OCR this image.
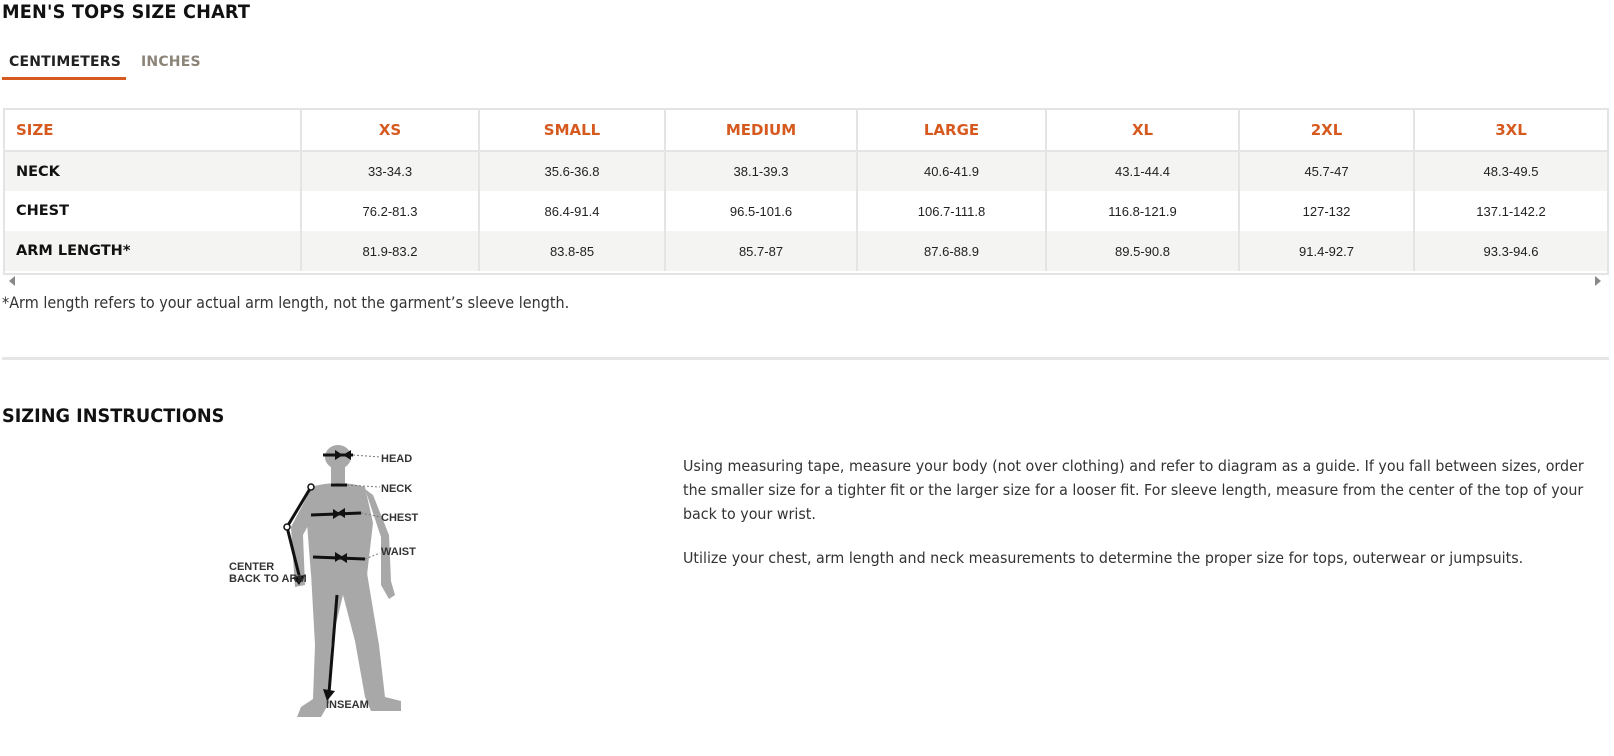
MEN'S TOPS SIZE CHART
CENTIMETERS	INCHES
SIZE	XS	SMALL	MEDIUM	LARGE	XL	2XL	3XL
NECK	33-34.3	35.6-36.8	38.1-39.3	40.6-41.9	43.1-44.4	45.7-47	48.3-49.5
CHEST	76.2-81.3	86.4-91.4	96.5-101.6	106.7-111.8	116.8-121.9	127-132	137.1-142.2
ARM LENGTH*	81.9-83.2	83.8-85	85.7-87	87.6-88.9	89.5-90.8	91.4-92.7	93.3-94.6
*Arm length refers to your actual arm length, not the garment’s sleeve length.
SIZING INSTRUCTIONS
HEAD
NECK
CHEST
WAIST
CENTER
BACK TO ARM
INSEAM

Using measuring tape, measure your body (not over clothing) and refer to diagram as a guide. If you fall between sizes, order the smaller size for a tighter fit or the larger size for a looser fit. For sleeve length, measure from the center of the top of your back to your wrist.

Utilize your chest, arm length and neck measurements to determine the proper size for tops, outerwear or jumpsuits.
